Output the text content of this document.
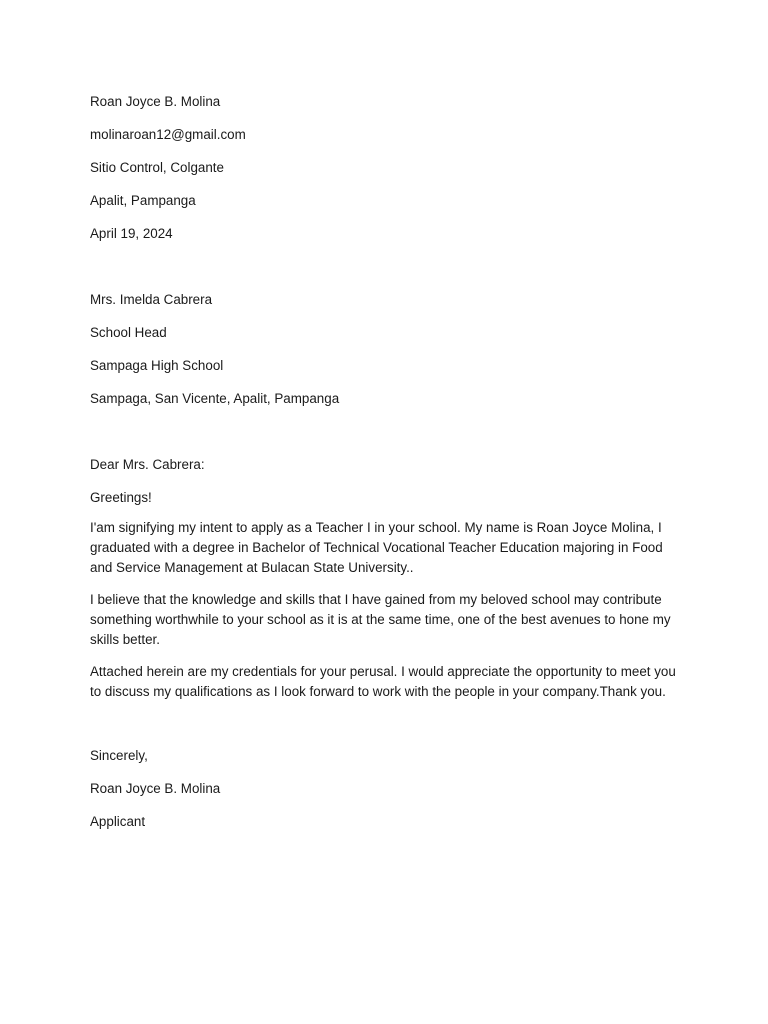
Roan Joyce B. Molina

molinaroan12@gmail.com

Sitio Control, Colgante

Apalit, Pampanga

April 19, 2024

Mrs. Imelda Cabrera

School Head

Sampaga High School

Sampaga, San Vicente, Apalit, Pampanga

Dear Mrs. Cabrera:

Greetings!

I'am signifying my intent to apply as a Teacher I in your school. My name is Roan Joyce Molina, I graduated with a degree in Bachelor of Technical Vocational Teacher Education majoring in Food and Service Management at Bulacan State University..

I believe that the knowledge and skills that I have gained from my beloved school may contribute something worthwhile to your school as it is at the same time, one of the best avenues to hone my skills better.

Attached herein are my credentials for your perusal. I would appreciate the opportunity to meet you to discuss my qualifications as I look forward to work with the people in your company.Thank you.

Sincerely,

Roan Joyce B. Molina

Applicant
